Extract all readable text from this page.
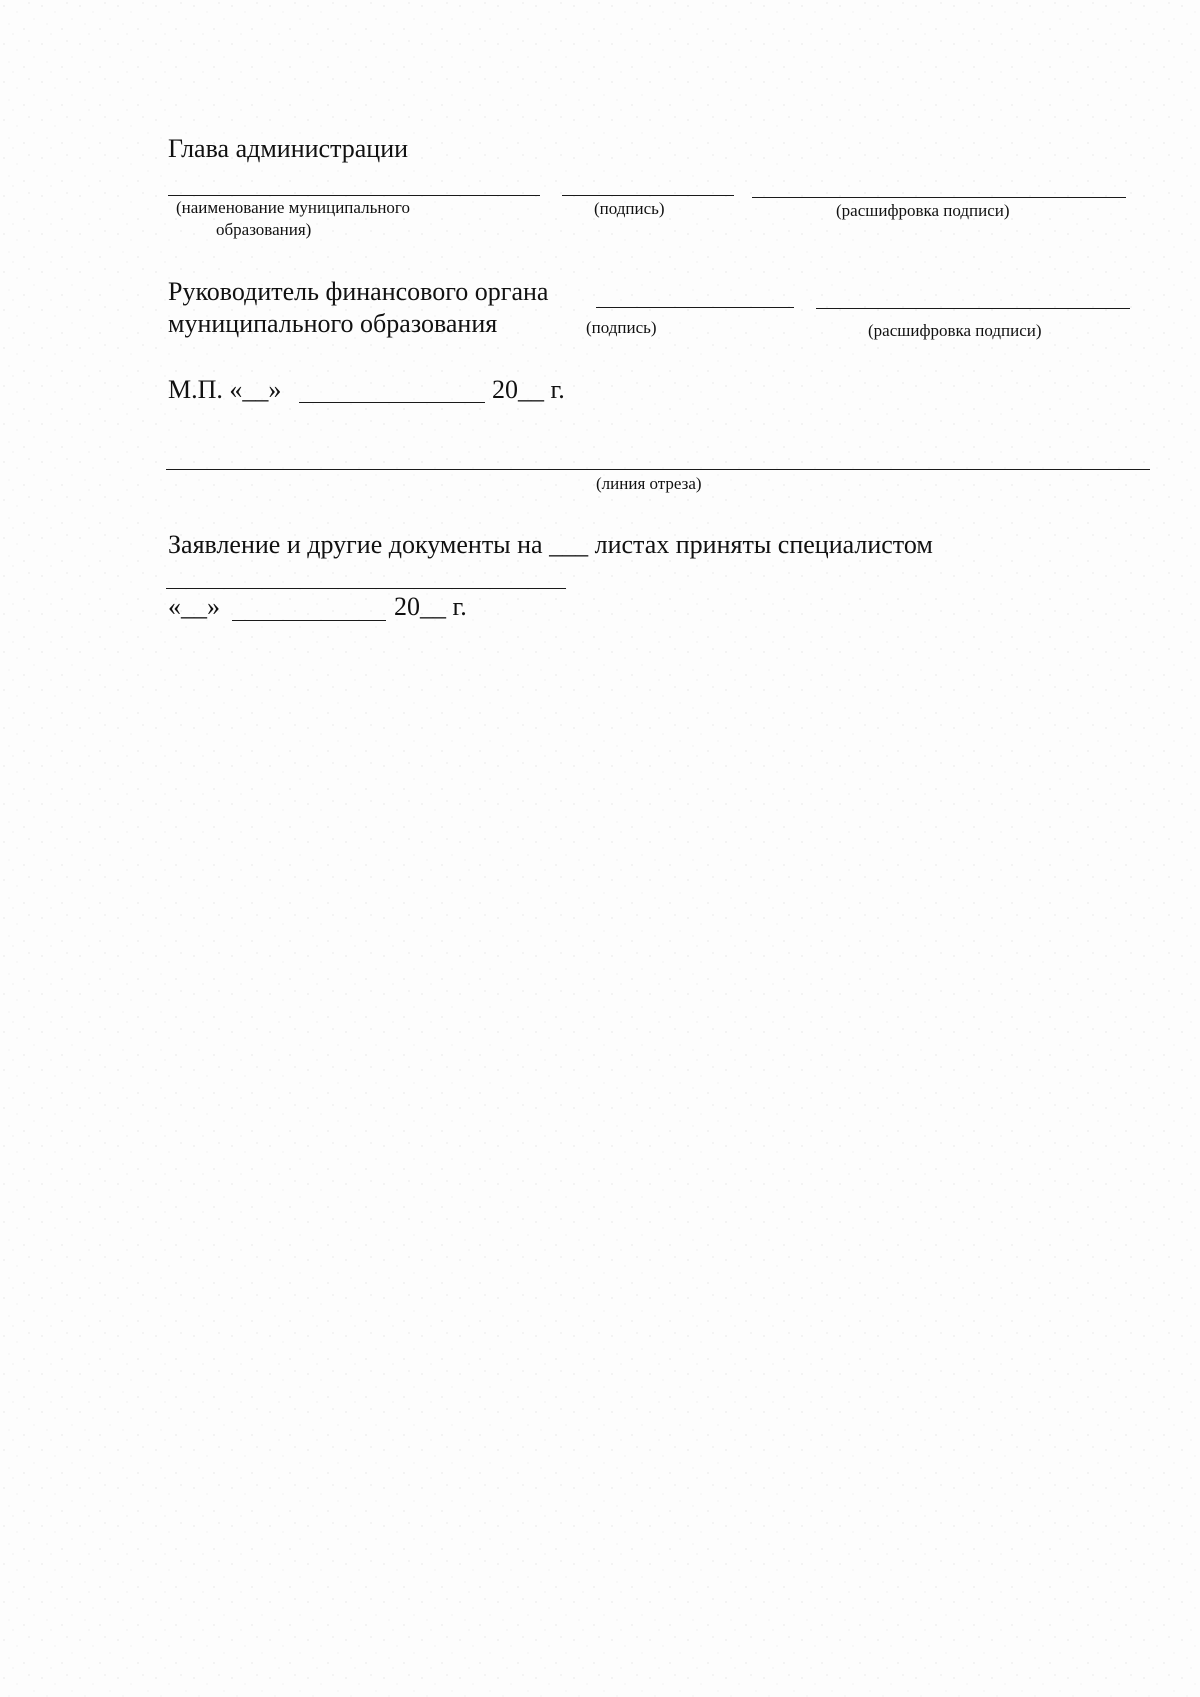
Глава администрации
(наименование муниципального
образования)
(подпись)	(расшифровка подписи)
Руководитель финансового органа
муниципального образования	(подпись)	(расшифровка подписи)
М.П. «__»	20__ г.
(линия отреза)
Заявление и другие документы на ___ листах приняты специалистом
«__»	20__ г.
